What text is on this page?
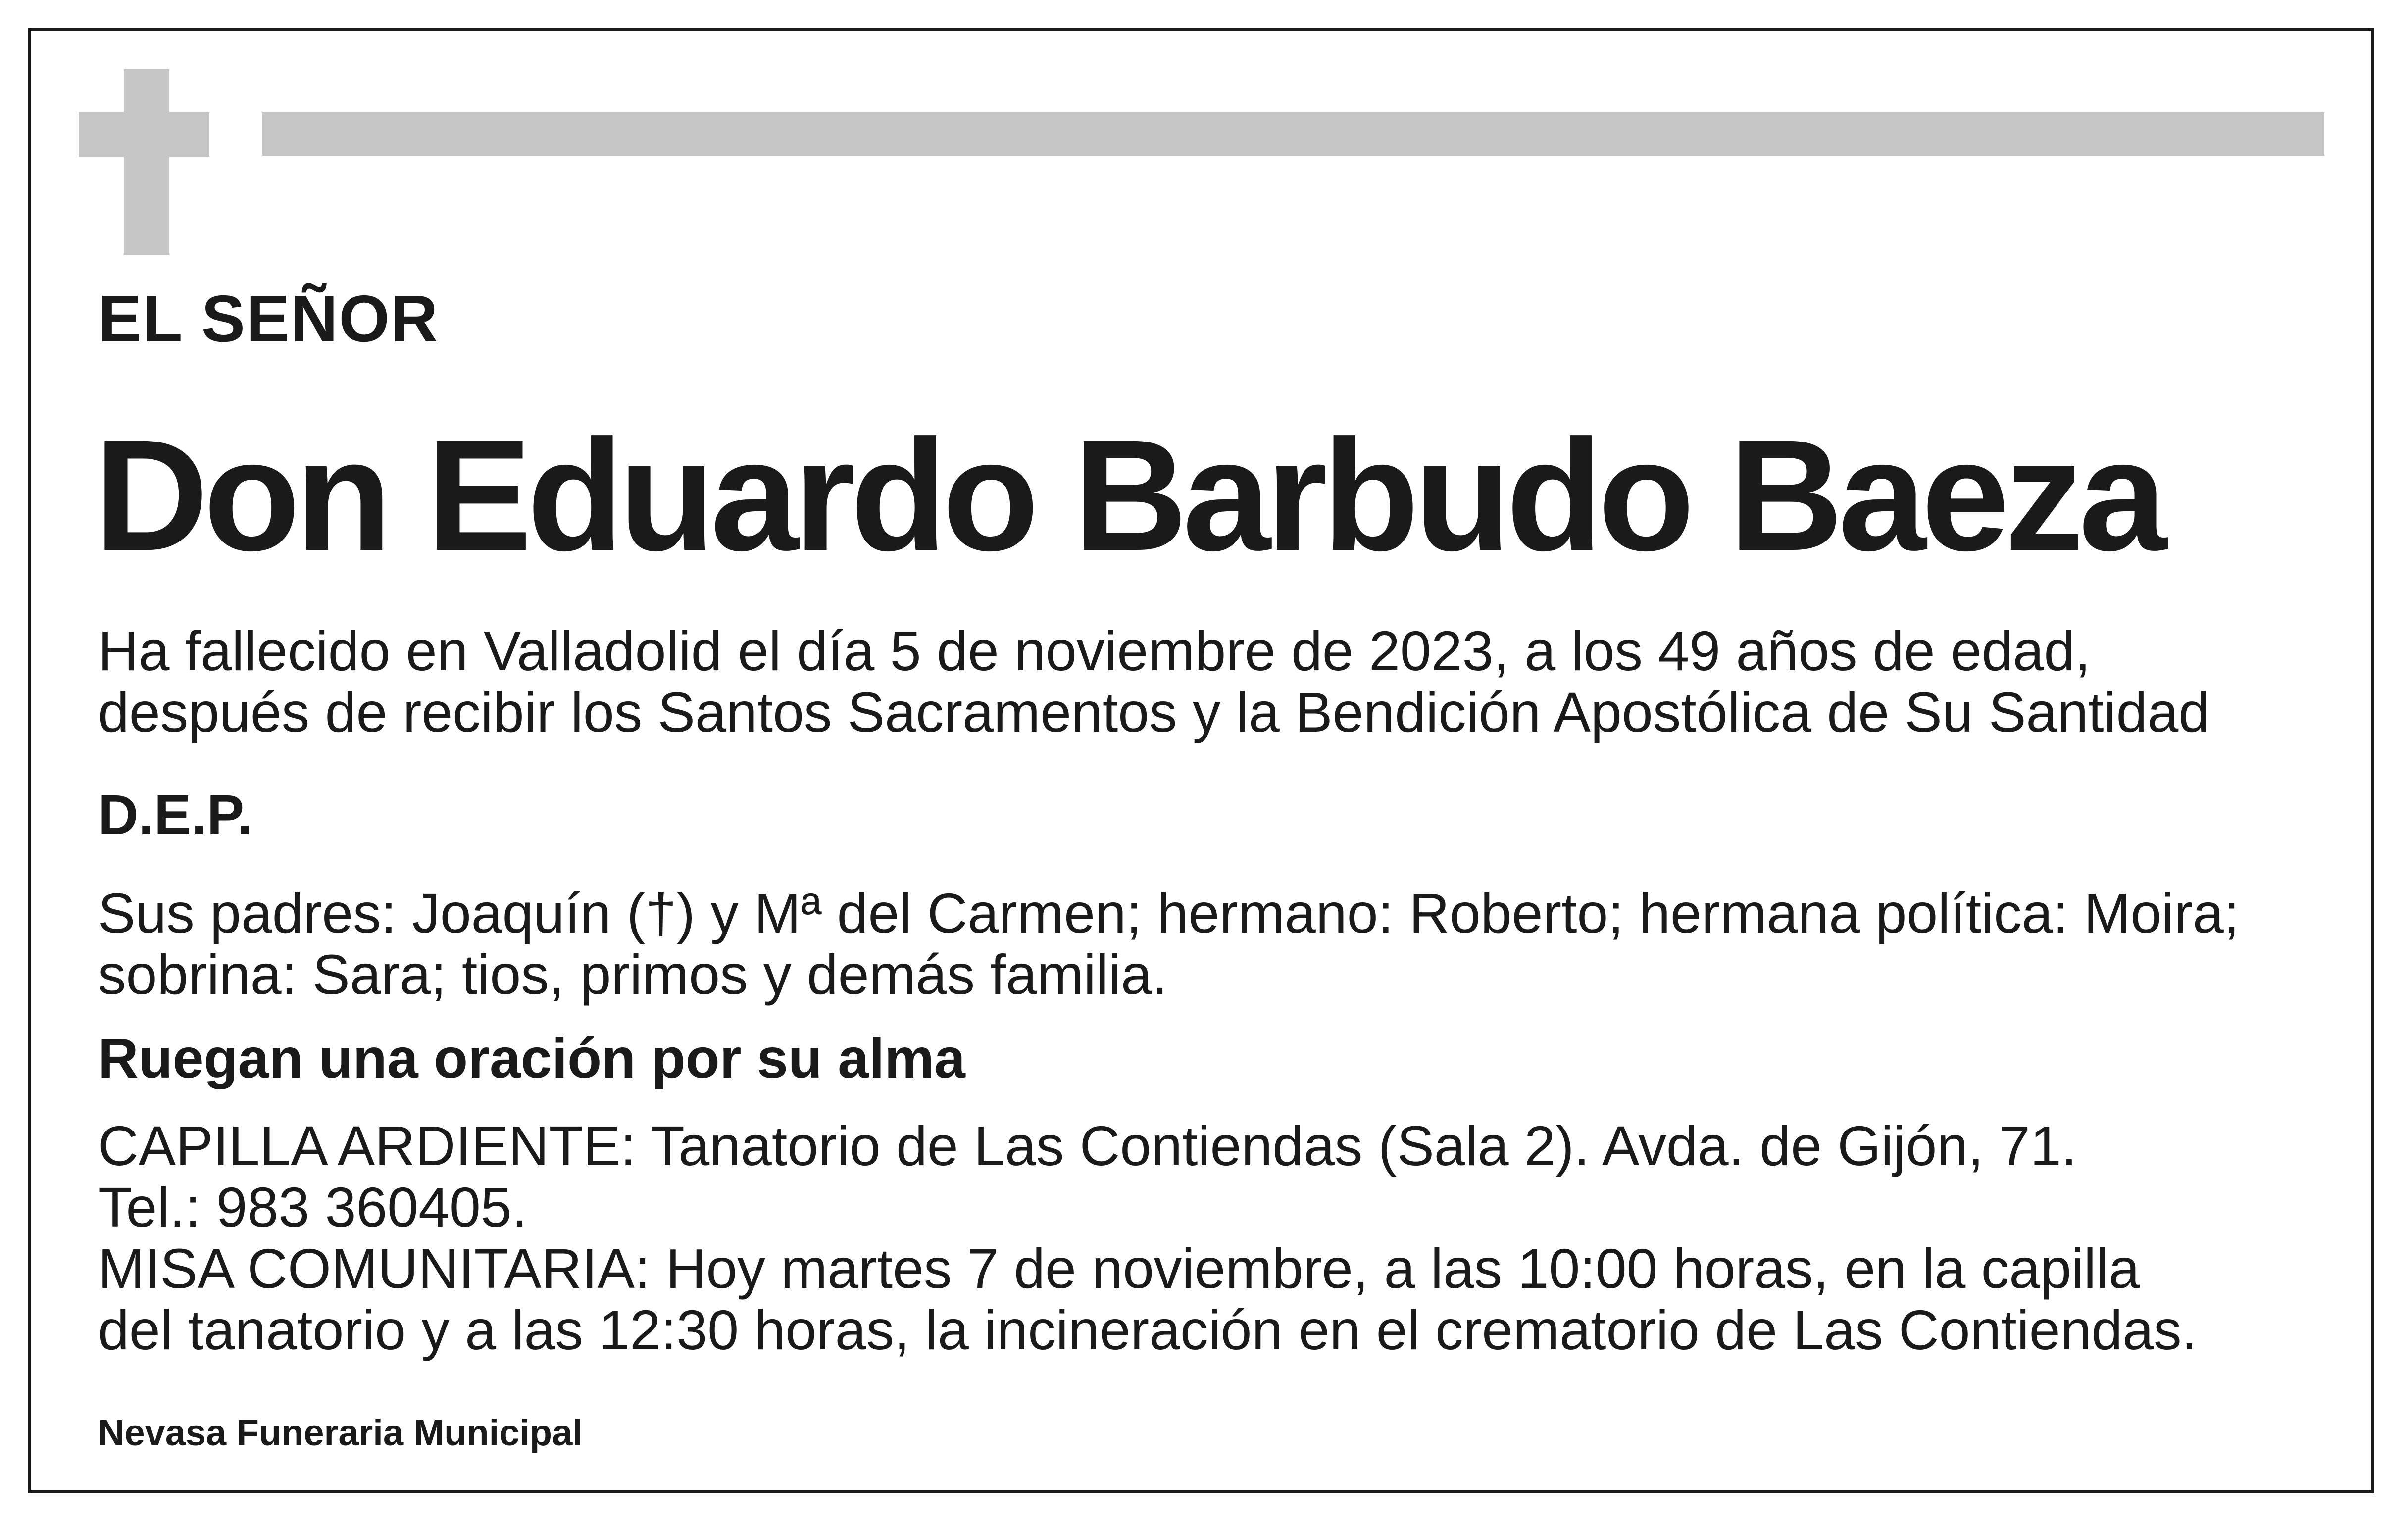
EL SEÑOR
Don Eduardo Barbudo Baeza
Ha fallecido en Valladolid el día 5 de noviembre de 2023, a los 49 años de edad,
después de recibir los Santos Sacramentos y la Bendición Apostólica de Su Santidad
D.E.P.
Sus padres: Joaquín (†) y Mª del Carmen; hermano: Roberto; hermana política: Moira;
sobrina: Sara; tios, primos y demás familia.
Ruegan una oración por su alma
CAPILLA ARDIENTE: Tanatorio de Las Contiendas (Sala 2). Avda. de Gijón, 71.
Tel.: 983 360405.
MISA COMUNITARIA: Hoy martes 7 de noviembre, a las 10:00 horas, en la capilla
del tanatorio y a las 12:30 horas, la incineración en el crematorio de Las Contiendas.
Nevasa Funeraria Municipal
